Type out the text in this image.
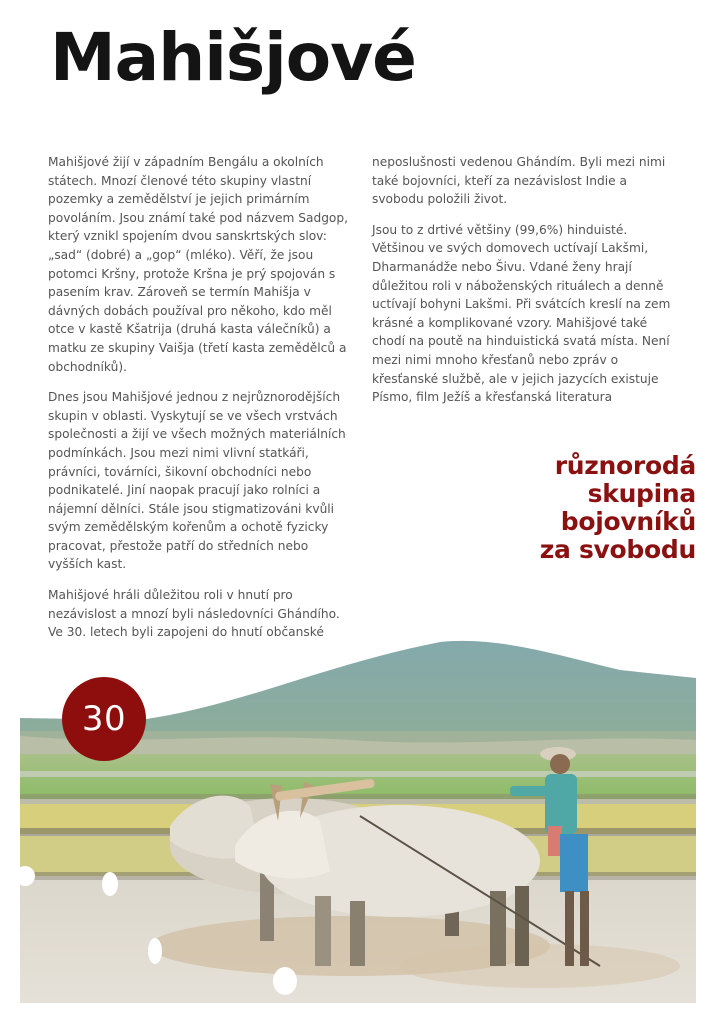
Mahišjové

Mahišjové žijí v západním Bengálu a okolních státech. Mnozí členové této skupiny vlastní pozemky a zemědělství je jejich primárním povoláním. Jsou známí také pod názvem Sadgop, který vznikl spojením dvou sanskrtských slov: „sad“ (dobré) a „gop“ (mléko). Věří, že jsou potomci Kršny, protože Kršna je prý spojován s pasením krav. Zároveň se termín Mahišja v dávných dobách používal pro někoho, kdo měl otce v kastě Kšatrija (druhá kasta válečníků) a matku ze skupiny Vaišja (třetí kasta zemědělců a obchodníků).

Dnes jsou Mahišjové jednou z nejrůznorodějších skupin v oblasti. Vyskytují se ve všech vrstvách společnosti a žijí ve všech možných materiálních podmínkách. Jsou mezi nimi vlivní statkáři, právníci, továrníci, šikovní obchodníci nebo podnikatelé. Jiní naopak pracují jako rolníci a nájemní dělníci. Stále jsou stigmatizováni kvůli svým zemědělským kořenům a ochotě fyzicky pracovat, přestože patří do středních nebo vyšších kast.

Mahišjové hráli důležitou roli v hnutí pro nezávislost a mnozí byli následovníci Ghándího. Ve 30. letech byli zapojeni do hnutí občanské

neposlušnosti vedenou Ghándím. Byli mezi nimi také bojovníci, kteří za nezávislost Indie a svobodu položili život.

Jsou to z drtivé většiny (99,6%) hinduisté. Většinou ve svých domovech uctívají Lakšmi, Dharmanádže nebo Šivu. Vdané ženy hrají důležitou roli v náboženských rituálech a denně uctívají bohyni Lakšmi. Při svátcích kreslí na zem krásné a komplikované vzory. Mahišjové také chodí na poutě na hinduistická svatá místa. Není mezi nimi mnoho křesťanů nebo zpráv o křesťanské službě, ale v jejich jazycích existuje Písmo, film Ježíš a křesťanská literatura

různorodá
skupina
bojovníků
za svobodu
30
